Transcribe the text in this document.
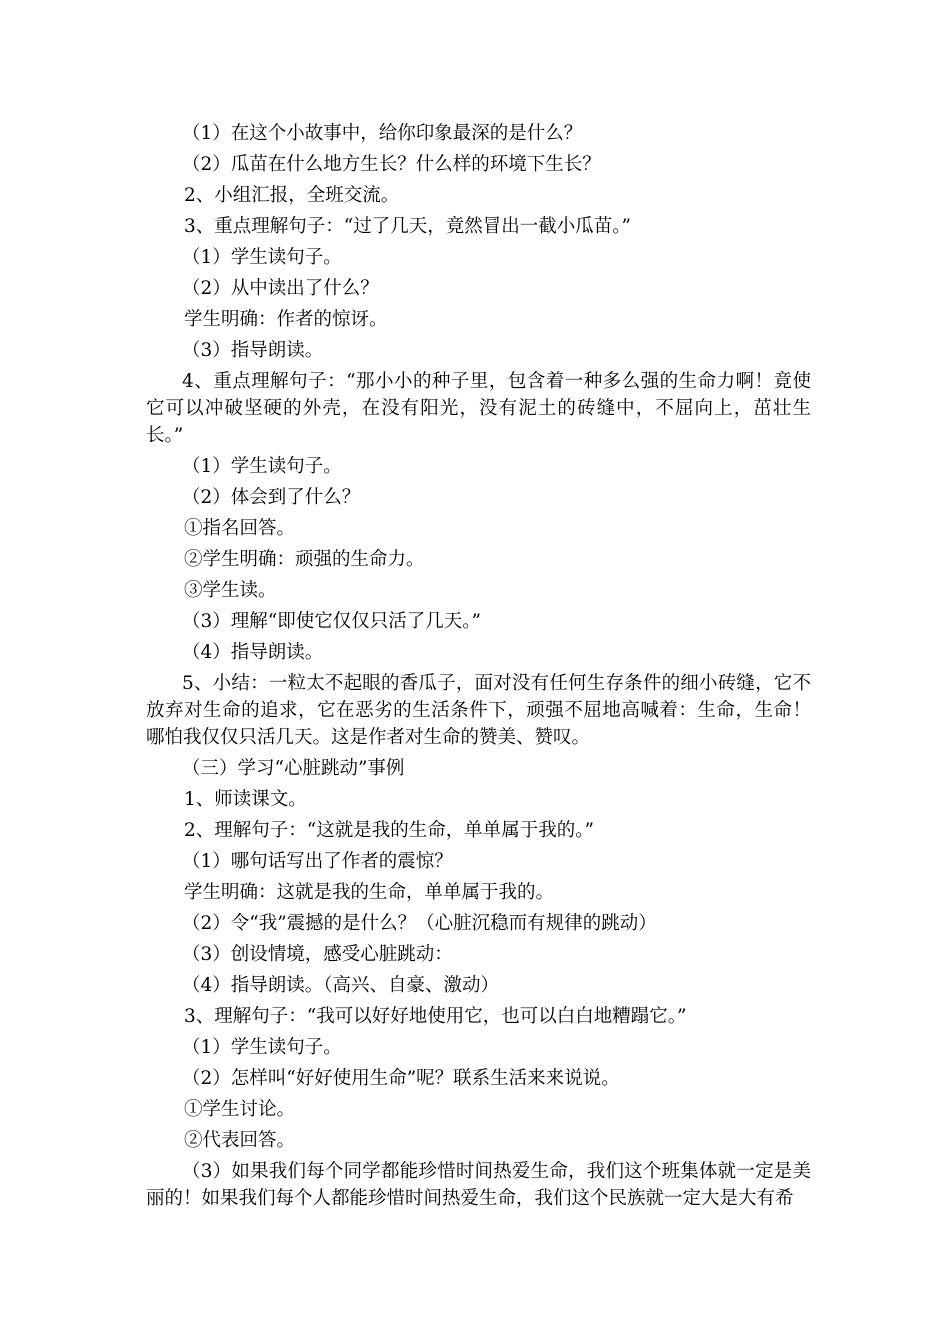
（1）在这个小故事中，给你印象最深的是什么？

（2）瓜苗在什么地方生长？什么样的环境下生长？

2、小组汇报，全班交流。

3、重点理解句子：“过了几天，竟然冒出一截小瓜苗。”

（1）学生读句子。

（2）从中读出了什么？

学生明确：作者的惊讶。

（3）指导朗读。

4、重点理解句子：“那小小的种子里，包含着一种多么强的生命力啊！竟使它可以冲破坚硬的外壳，在没有阳光，没有泥土的砖缝中，不屈向上，茁壮生长。”

（1）学生读句子。

（2）体会到了什么？

①指名回答。

②学生明确：顽强的生命力。

③学生读。

（3）理解“即使它仅仅只活了几天。”

（4）指导朗读。

5、小结：一粒太不起眼的香瓜子，面对没有任何生存条件的细小砖缝，它不放弃对生命的追求，它在恶劣的生活条件下，顽强不屈地高喊着：生命，生命！哪怕我仅仅只活几天。这是作者对生命的赞美、赞叹。

（三）学习“心脏跳动”事例

1、师读课文。

2、理解句子：“这就是我的生命，单单属于我的。”

（1）哪句话写出了作者的震惊？

学生明确：这就是我的生命，单单属于我的。

（2）令“我”震撼的是什么？（心脏沉稳而有规律的跳动）

（3）创设情境，感受心脏跳动：

（4）指导朗读。（高兴、自豪、激动）

3、理解句子：“我可以好好地使用它，也可以白白地糟蹋它。”

（1）学生读句子。

（2）怎样叫“好好使用生命”呢？联系生活来来说说。

①学生讨论。

②代表回答。

（3）如果我们每个同学都能珍惜时间热爱生命，我们这个班集体就一定是美丽的！如果我们每个人都能珍惜时间热爱生命，我们这个民族就一定大是大有希
